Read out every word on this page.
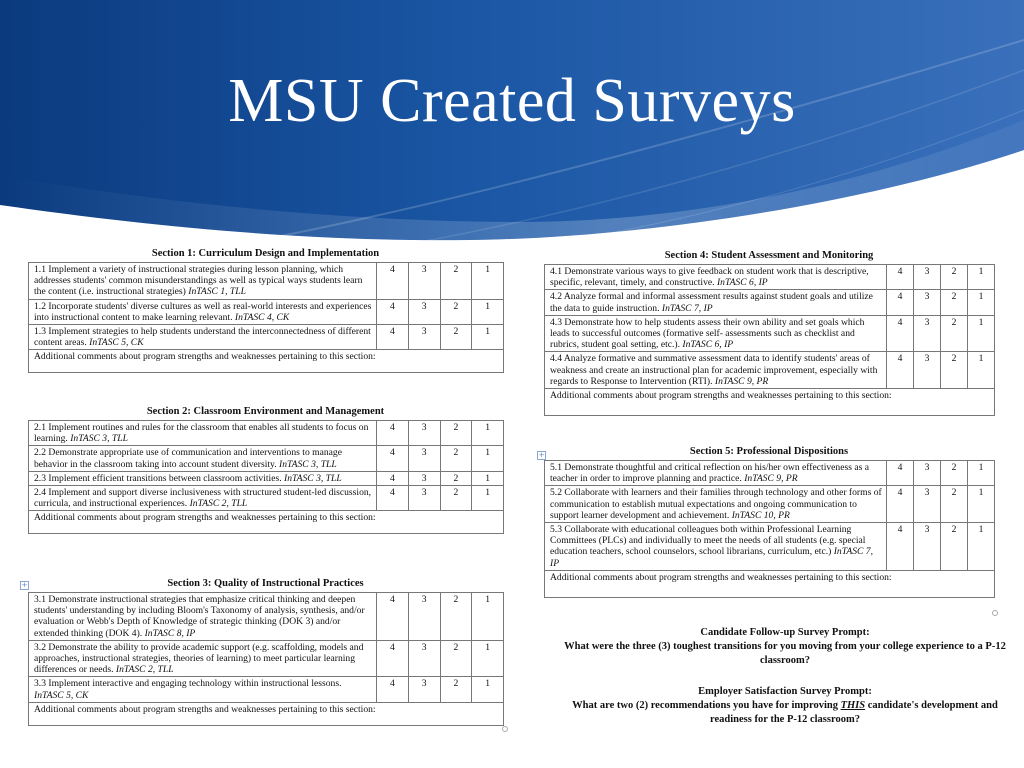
MSU Created Surveys
Section 1: Curriculum Design and Implementation
1.1 Implement a variety of instructional strategies during lesson planning, which addresses students' common misunderstandings as well as typical ways students learn the content (i.e. instructional strategies) InTASC 1, TLL	4	3	2	1
1.2 Incorporate students' diverse cultures as well as real-world interests and experiences into instructional content to make learning relevant. InTASC 4, CK	4	3	2	1
1.3 Implement strategies to help students understand the interconnectedness of different content areas. InTASC 5, CK	4	3	2	1
Additional comments about program strengths and weaknesses pertaining to this section:				
Section 2: Classroom Environment and Management
2.1 Implement routines and rules for the classroom that enables all students to focus on learning. InTASC 3, TLL	4	3	2	1
2.2 Demonstrate appropriate use of communication and interventions to manage behavior in the classroom taking into account student diversity. InTASC 3, TLL	4	3	2	1
2.3 Implement efficient transitions between classroom activities. InTASC 3, TLL	4	3	2	1
2.4 Implement and support diverse inclusiveness with structured student-led discussion, curricula, and instructional experiences. InTASC 2, TLL	4	3	2	1
Additional comments about program strengths and weaknesses pertaining to this section:				
Section 3: Quality of Instructional Practices
3.1 Demonstrate instructional strategies that emphasize critical thinking and deepen students' understanding by including Bloom's Taxonomy of analysis, synthesis, and/or evaluation or Webb's Depth of Knowledge of strategic thinking (DOK 3) and/or extended thinking (DOK 4). InTASC 8, IP	4	3	2	1
3.2 Demonstrate the ability to provide academic support (e.g. scaffolding, models and approaches, instructional strategies, theories of learning) to meet particular learning differences or needs. InTASC 2, TLL	4	3	2	1
3.3 Implement interactive and engaging technology within instructional lessons. InTASC 5, CK	4	3	2	1
Additional comments about program strengths and weaknesses pertaining to this section:				
Section 4: Student Assessment and Monitoring
4.1 Demonstrate various ways to give feedback on student work that is descriptive, specific, relevant, timely, and constructive. InTASC 6, IP	4	3	2	1
4.2 Analyze formal and informal assessment results against student goals and utilize the data to guide instruction. InTASC 7, IP	4	3	2	1
4.3 Demonstrate how to help students assess their own ability and set goals which leads to successful outcomes (formative self- assessments such as checklist and rubrics, student goal setting, etc.). InTASC 6, IP	4	3	2	1
4.4 Analyze formative and summative assessment data to identify students' areas of weakness and create an instructional plan for academic improvement, especially with regards to Response to Intervention (RTI). InTASC 9, PR	4	3	2	1
Additional comments about program strengths and weaknesses pertaining to this section:				
Section 5: Professional Dispositions
5.1 Demonstrate thoughtful and critical reflection on his/her own effectiveness as a teacher in order to improve planning and practice. InTASC 9, PR	4	3	2	1
5.2 Collaborate with learners and their families through technology and other forms of communication to establish mutual expectations and ongoing communication to support learner development and achievement. InTASC 10, PR	4	3	2	1
5.3 Collaborate with educational colleagues both within Professional Learning Committees (PLCs) and individually to meet the needs of all students (e.g. special education teachers, school counselors, school librarians, curriculum, etc.) InTASC 7, IP	4	3	2	1
Additional comments about program strengths and weaknesses pertaining to this section:				
+
+
Candidate Follow-up Survey Prompt:
What were the three (3) toughest transitions for you moving from your college experience to a P-12 classroom?
Employer Satisfaction Survey Prompt:
What are two (2) recommendations you have for improving THIS candidate's development and readiness for the P-12 classroom?
